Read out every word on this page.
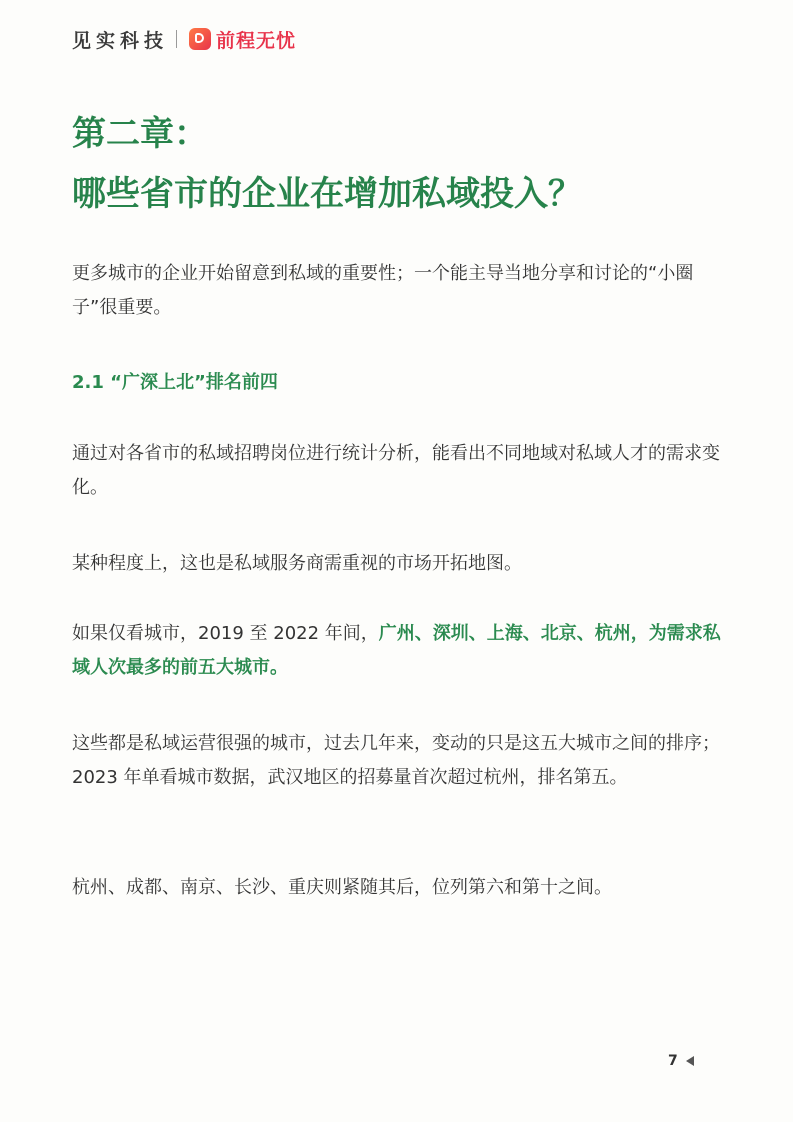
见实科技	前程无忧
第二章：
哪些省市的企业在增加私域投入？

更多城市的企业开始留意到私域的重要性；一个能主导当地分享和讨论的“小圈子”很重要。

2.1 “广深上北”排名前四

通过对各省市的私域招聘岗位进行统计分析，能看出不同地域对私域人才的需求变化。

某种程度上，这也是私域服务商需重视的市场开拓地图。

如果仅看城市，2019 至 2022 年间，广州、深圳、上海、北京、杭州，为需求私域人次最多的前五大城市。

这些都是私域运营很强的城市，过去几年来，变动的只是这五大城市之间的排序；2023 年单看城市数据，武汉地区的招募量首次超过杭州，排名第五。

杭州、成都、南京、长沙、重庆则紧随其后，位列第六和第十之间。

7
